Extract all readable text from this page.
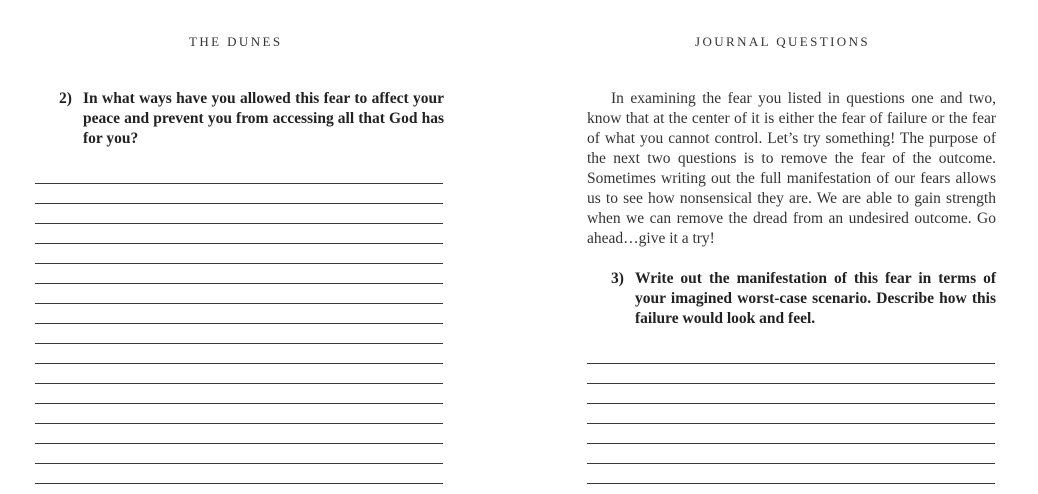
THE DUNES
2) In what ways have you allowed this fear to affect your peace and prevent you from accessing all that God has for you?
JOURNAL QUESTIONS

In examining the fear you listed in questions one and two, know that at the center of it is either the fear of failure or the fear of what you cannot control. Let’s try something! The purpose of the next two questions is to remove the fear of the outcome. Sometimes writing out the full manifestation of our fears allows us to see how nonsensical they are. We are able to gain strength when we can remove the dread from an undesired outcome. Go ahead…give it a try!

3) Write out the manifestation of this fear in terms of your imagined worst-case scenario. Describe how this failure would look and feel.
